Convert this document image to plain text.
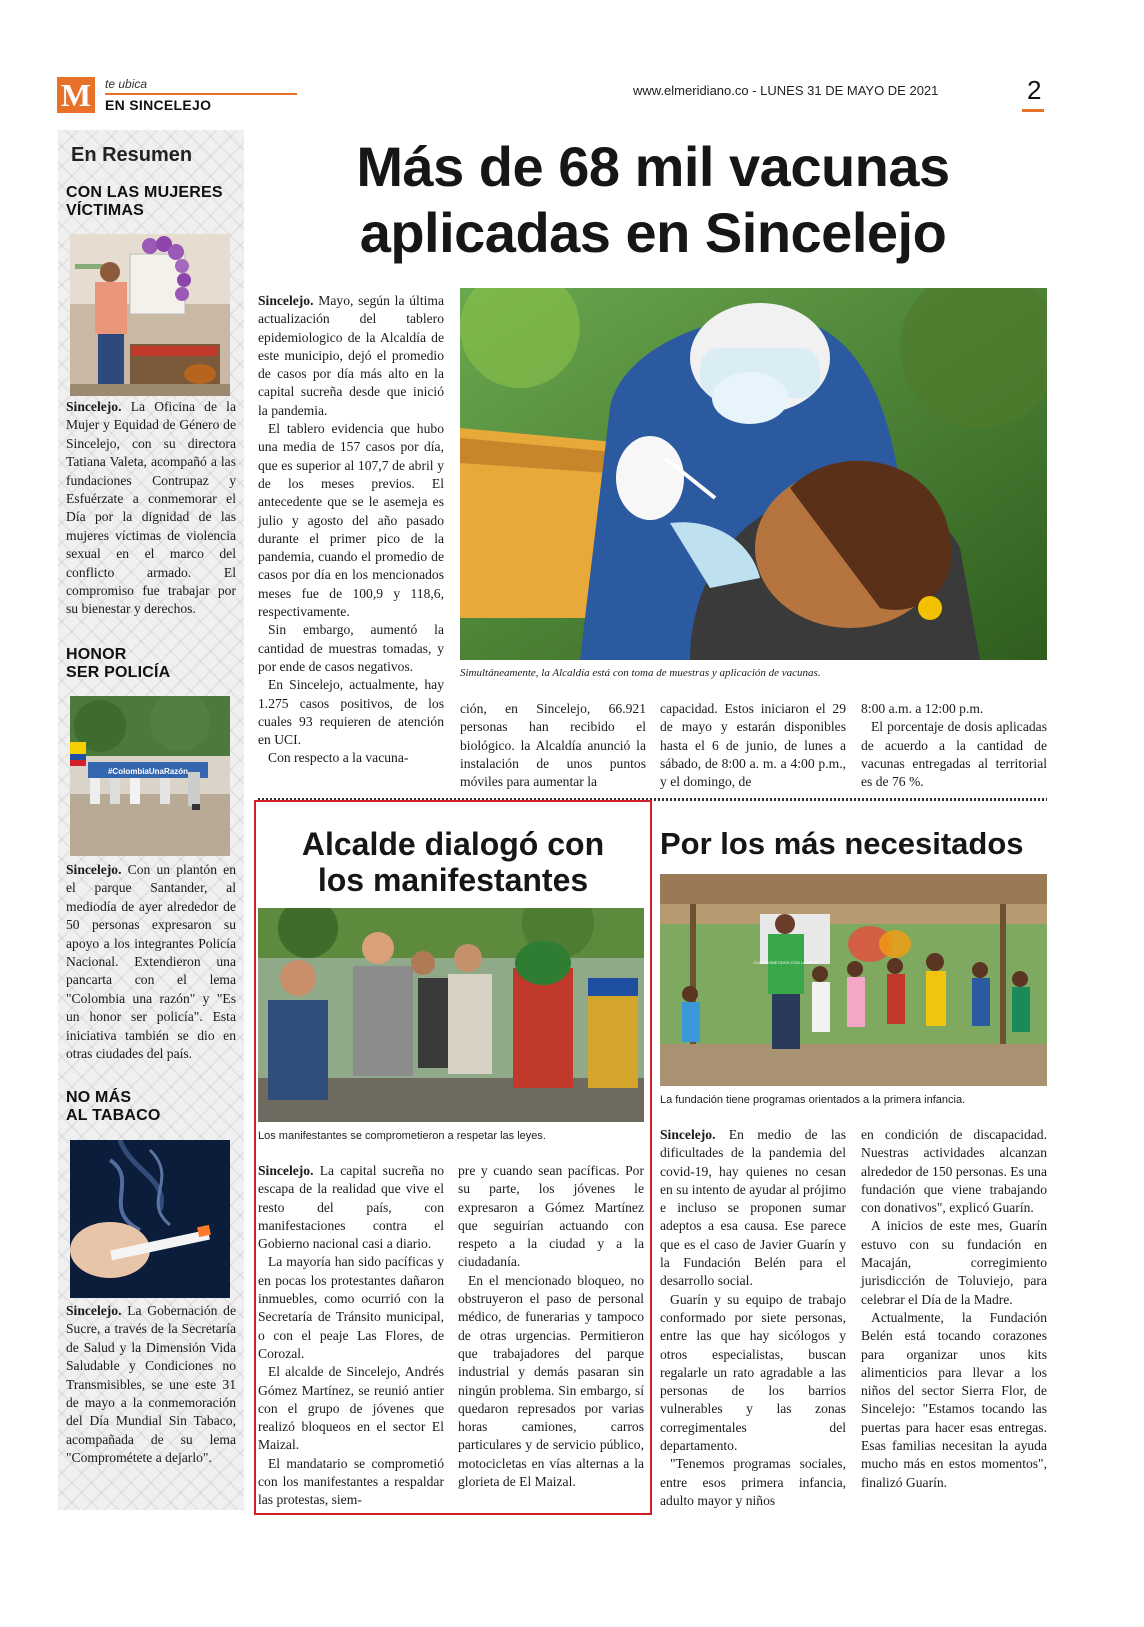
M	te ubica
EN SINCELEJO
www.elmeridiano.co - LUNES 31 DE MAYO DE 2021	2
En Resumen
CON LAS MUJERES
VÍCTIMAS
Sincelejo. La Oficina de la Mujer y Equidad de Género de Sincelejo, con su directora Tatiana Valeta, acompañó a las fundaciones Contrupaz y Esfuérzate a conmemorar el Día por la dignidad de las mujeres víctimas de violencia sexual en el marco del conflicto armado. El compromiso fue trabajar por su bienestar y derechos.
HONOR
SER POLICÍA
#ColombiaUnaRazón
Sincelejo. Con un plantón en el parque Santander, al mediodía de ayer alrededor de 50 personas expresaron su apoyo a los integrantes Policía Nacional. Extendieron una pancarta con el lema "Colombia una razón" y "Es un honor ser policía". Esta iniciativa también se dio en otras ciudades del país.
NO MÁS
AL TABACO
Sincelejo. La Gobernación de Sucre, a través de la Secretaría de Salud y la Dimensión Vida Saludable y Condiciones no Transmisibles, se une este 31 de mayo a la conmemoración del Día Mundial Sin Tabaco, acompañada de su lema "Comprométete a dejarlo".
Más de 68 mil vacunas
aplicadas en Sincelejo

Sincelejo. Mayo, según la última actualización del tablero epidemiologico de la Alcaldía de este municipio, dejó el promedio de casos por día más alto en la capital sucreña desde que inició la pandemia.

El tablero evidencia que hubo una media de 157 casos por día, que es superior al 107,7 de abril y de los meses previos. El antecedente que se le asemeja es julio y agosto del año pasado durante el primer pico de la pandemia, cuando el promedio de casos por día en los mencionados meses fue de 100,9 y 118,6, respectivamente.

Sin embargo, aumentó la cantidad de muestras tomadas, y por ende de casos negativos.

En Sincelejo, actualmente, hay 1.275 casos positivos, de los cuales 93 requieren de atención en UCI.

Con respecto a la vacuna-

Simultáneamente, la Alcaldía está con toma de muestras y aplicación de vacunas.

ción, en Sincelejo, 66.921 personas han recibido el biológico. la Alcaldía anunció la instalación de unos puntos móviles para aumentar la

capacidad. Estos iniciaron el 29 de mayo y estarán disponibles hasta el 6 de junio, de lunes a sábado, de 8:00 a. m. a 4:00 p.m., y el domingo, de

8:00 a.m. a 12:00 p.m.

El porcentaje de dosis aplicadas de acuerdo a la cantidad de vacunas entregadas al territorial es de 76 %.

Alcalde dialogó con
los manifestantes
Los manifestantes se comprometieron a respetar las leyes.

Sincelejo. La capital sucreña no escapa de la realidad que vive el resto del país, con manifestaciones contra el Gobierno nacional casi a diario.

La mayoría han sido pacíficas y en pocas los protestantes dañaron inmuebles, como ocurrió con la Secretaría de Tránsito municipal, o con el peaje Las Flores, de Corozal.

El alcalde de Sincelejo, Andrés Gómez Martínez, se reunió antier con el grupo de jóvenes que realizó bloqueos en el sector El Maizal.

El mandatario se comprometió con los manifestantes a respaldar las protestas, siem-

pre y cuando sean pacíficas. Por su parte, los jóvenes le expresaron a Gómez Martínez que seguirían actuando con respeto a la ciudad y a la ciudadanía.

En el mencionado bloqueo, no obstruyeron el paso de personal médico, de funerarias y tampoco de otras urgencias. Permitieron que trabajadores del parque industrial y demás pasaran sin ningún problema. Sin embargo, sí quedaron represados por varias horas camiones, carros particulares y de servicio público, motocicletas en vías alternas a la glorieta de El Maizal.

Por los más necesitados
COMPROMETIDOS CON LA NIÑEZ
La fundación tiene programas orientados a la primera infancia.

Sincelejo. En medio de las dificultades de la pandemia del covid-19, hay quienes no cesan en su intento de ayudar al prójimo e incluso se proponen sumar adeptos a esa causa. Ese parece que es el caso de Javier Guarín y la Fundación Belén para el desarrollo social.

Guarín y su equipo de trabajo conformado por siete personas, entre las que hay sicólogos y otros especialistas, buscan regalarle un rato agradable a las personas de los barrios vulnerables y las zonas corregimentales del departamento.

"Tenemos programas sociales, entre esos primera infancia, adulto mayor y niños

en condición de discapacidad. Nuestras actividades alcanzan alrededor de 150 personas. Es una fundación que viene trabajando con donativos", explicó Guarín.

A inicios de este mes, Guarín estuvo con su fundación en Macaján, corregimiento jurisdicción de Toluviejo, para celebrar el Día de la Madre.

Actualmente, la Fundación Belén está tocando corazones para organizar unos kits alimenticios para llevar a los niños del sector Sierra Flor, de Sincelejo: "Estamos tocando las puertas para hacer esas entregas. Esas familias necesitan la ayuda mucho más en estos momentos", finalizó Guarín.
